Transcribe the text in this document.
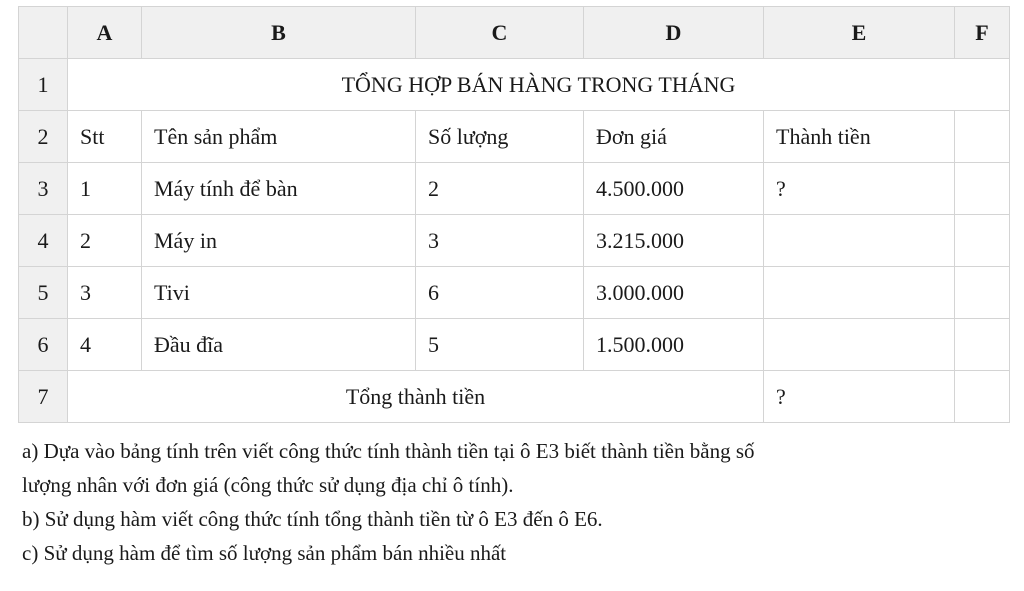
	A	B	C	D	E	F
1	TỔNG HỢP BÁN HÀNG TRONG THÁNG					
2	Stt	Tên sản phẩm	Số lượng	Đơn giá	Thành tiền	
3	1	Máy tính để bàn	2	4.500.000	?	
4	2	Máy in	3	3.215.000		
5	3	Tivi	6	3.000.000		
6	4	Đầu đĩa	5	1.500.000		
7	Tổng thành tiền				?	

a) Dựa vào bảng tính trên viết công thức tính thành tiền tại ô E3 biết thành tiền bằng số

lượng nhân với đơn giá (công thức sử dụng địa chỉ ô tính).

b) Sử dụng hàm viết công thức tính tổng thành tiền từ ô E3 đến ô E6.

c) Sử dụng hàm để tìm số lượng sản phẩm bán nhiều nhất
